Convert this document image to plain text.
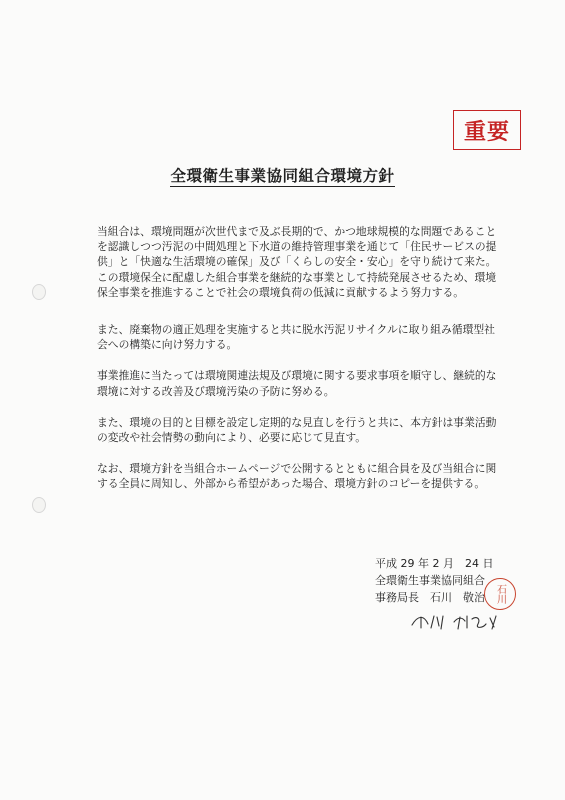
重要
全環衛生事業協同組合環境方針

当組合は、環境問題が次世代まで及ぶ長期的で、かつ地球規模的な問題であることを認識しつつ汚泥の中間処理と下水道の維持管理事業を通じて「住民サービスの提供」と「快適な生活環境の確保」及び「くらしの安全・安心」を守り続けて来た。

この環境保全に配慮した組合事業を継続的な事業として持続発展させるため、環境保全事業を推進することで社会の環境負荷の低減に貢献するよう努力する。

また、廃棄物の適正処理を実施すると共に脱水汚泥リサイクルに取り組み循環型社会への構築に向け努力する。

事業推進に当たっては環境関連法規及び環境に関する要求事項を順守し、継続的な環境に対する改善及び環境汚染の予防に努める。

また、環境の目的と目標を設定し定期的な見直しを行うと共に、本方針は事業活動の変改や社会情勢の動向により、必要に応じて見直す。

なお、環境方針を当組合ホームページで公開するとともに組合員を及び当組合に関する全員に周知し、外部から希望があった場合、環境方針のコピーを提供する。

平成 29 年 2 月　24 日
全環衛生事業協同組合
事務局長　石川　敬治 石川
